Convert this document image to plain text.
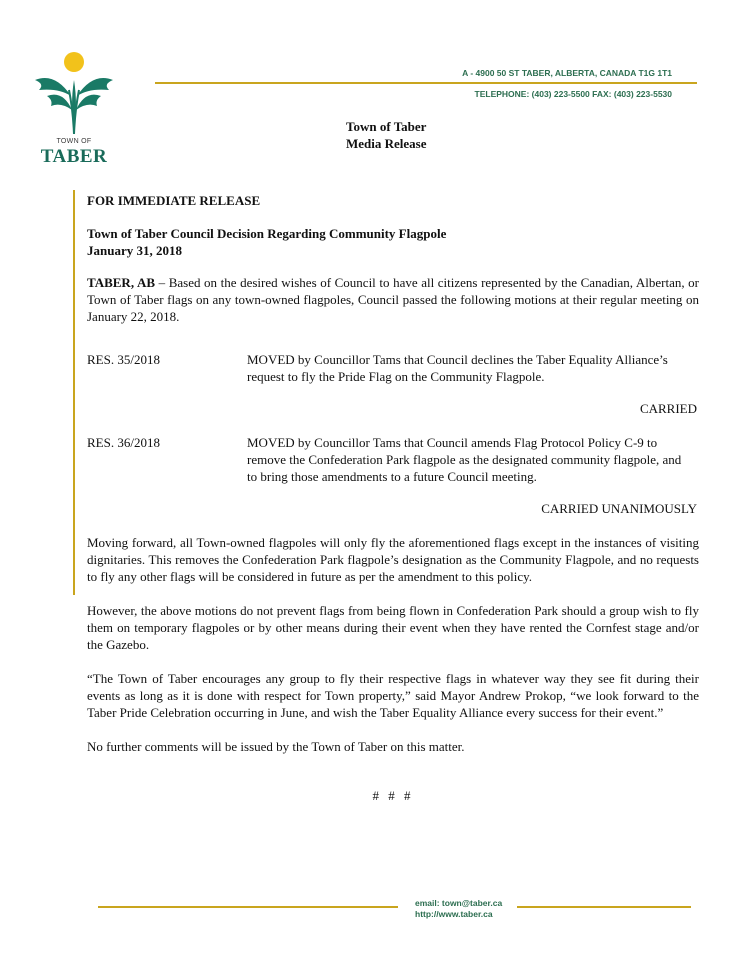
TOWN OF
TABER
A - 4900 50 ST TABER, ALBERTA, CANADA T1G 1T1
TELEPHONE: (403) 223-5500 FAX: (403) 223-5530
Town of Taber
Media Release

FOR IMMEDIATE RELEASE

Town of Taber Council Decision Regarding Community Flagpole
January 31, 2018

TABER, AB – Based on the desired wishes of Council to have all citizens represented by the Canadian, Albertan, or Town of Taber flags on any town-owned flagpoles, Council passed the following motions at their regular meeting on January 22, 2018.

RES. 35/2018	MOVED by Councillor Tams that Council declines the Taber Equality Alliance’s request to fly the Pride Flag on the Community Flagpole.

CARRIED

RES. 36/2018	MOVED by Councillor Tams that Council amends Flag Protocol Policy C-9 to remove the Confederation Park flagpole as the designated community flagpole, and to bring those amendments to a future Council meeting.

CARRIED UNANIMOUSLY

Moving forward, all Town-owned flagpoles will only fly the aforementioned flags except in the instances of visiting dignitaries. This removes the Confederation Park flagpole’s designation as the Community Flagpole, and no requests to fly any other flags will be considered in future as per the amendment to this policy.

However, the above motions do not prevent flags from being flown in Confederation Park should a group wish to fly them on temporary flagpoles or by other means during their event when they have rented the Cornfest stage and/or the Gazebo.

“The Town of Taber encourages any group to fly their respective flags in whatever way they see fit during their events as long as it is done with respect for Town property,” said Mayor Andrew Prokop, “we look forward to the Taber Pride Celebration occurring in June, and wish the Taber Equality Alliance every success for their event.”

No further comments will be issued by the Town of Taber on this matter.

# # #

email: town@taber.ca
http://www.taber.ca
